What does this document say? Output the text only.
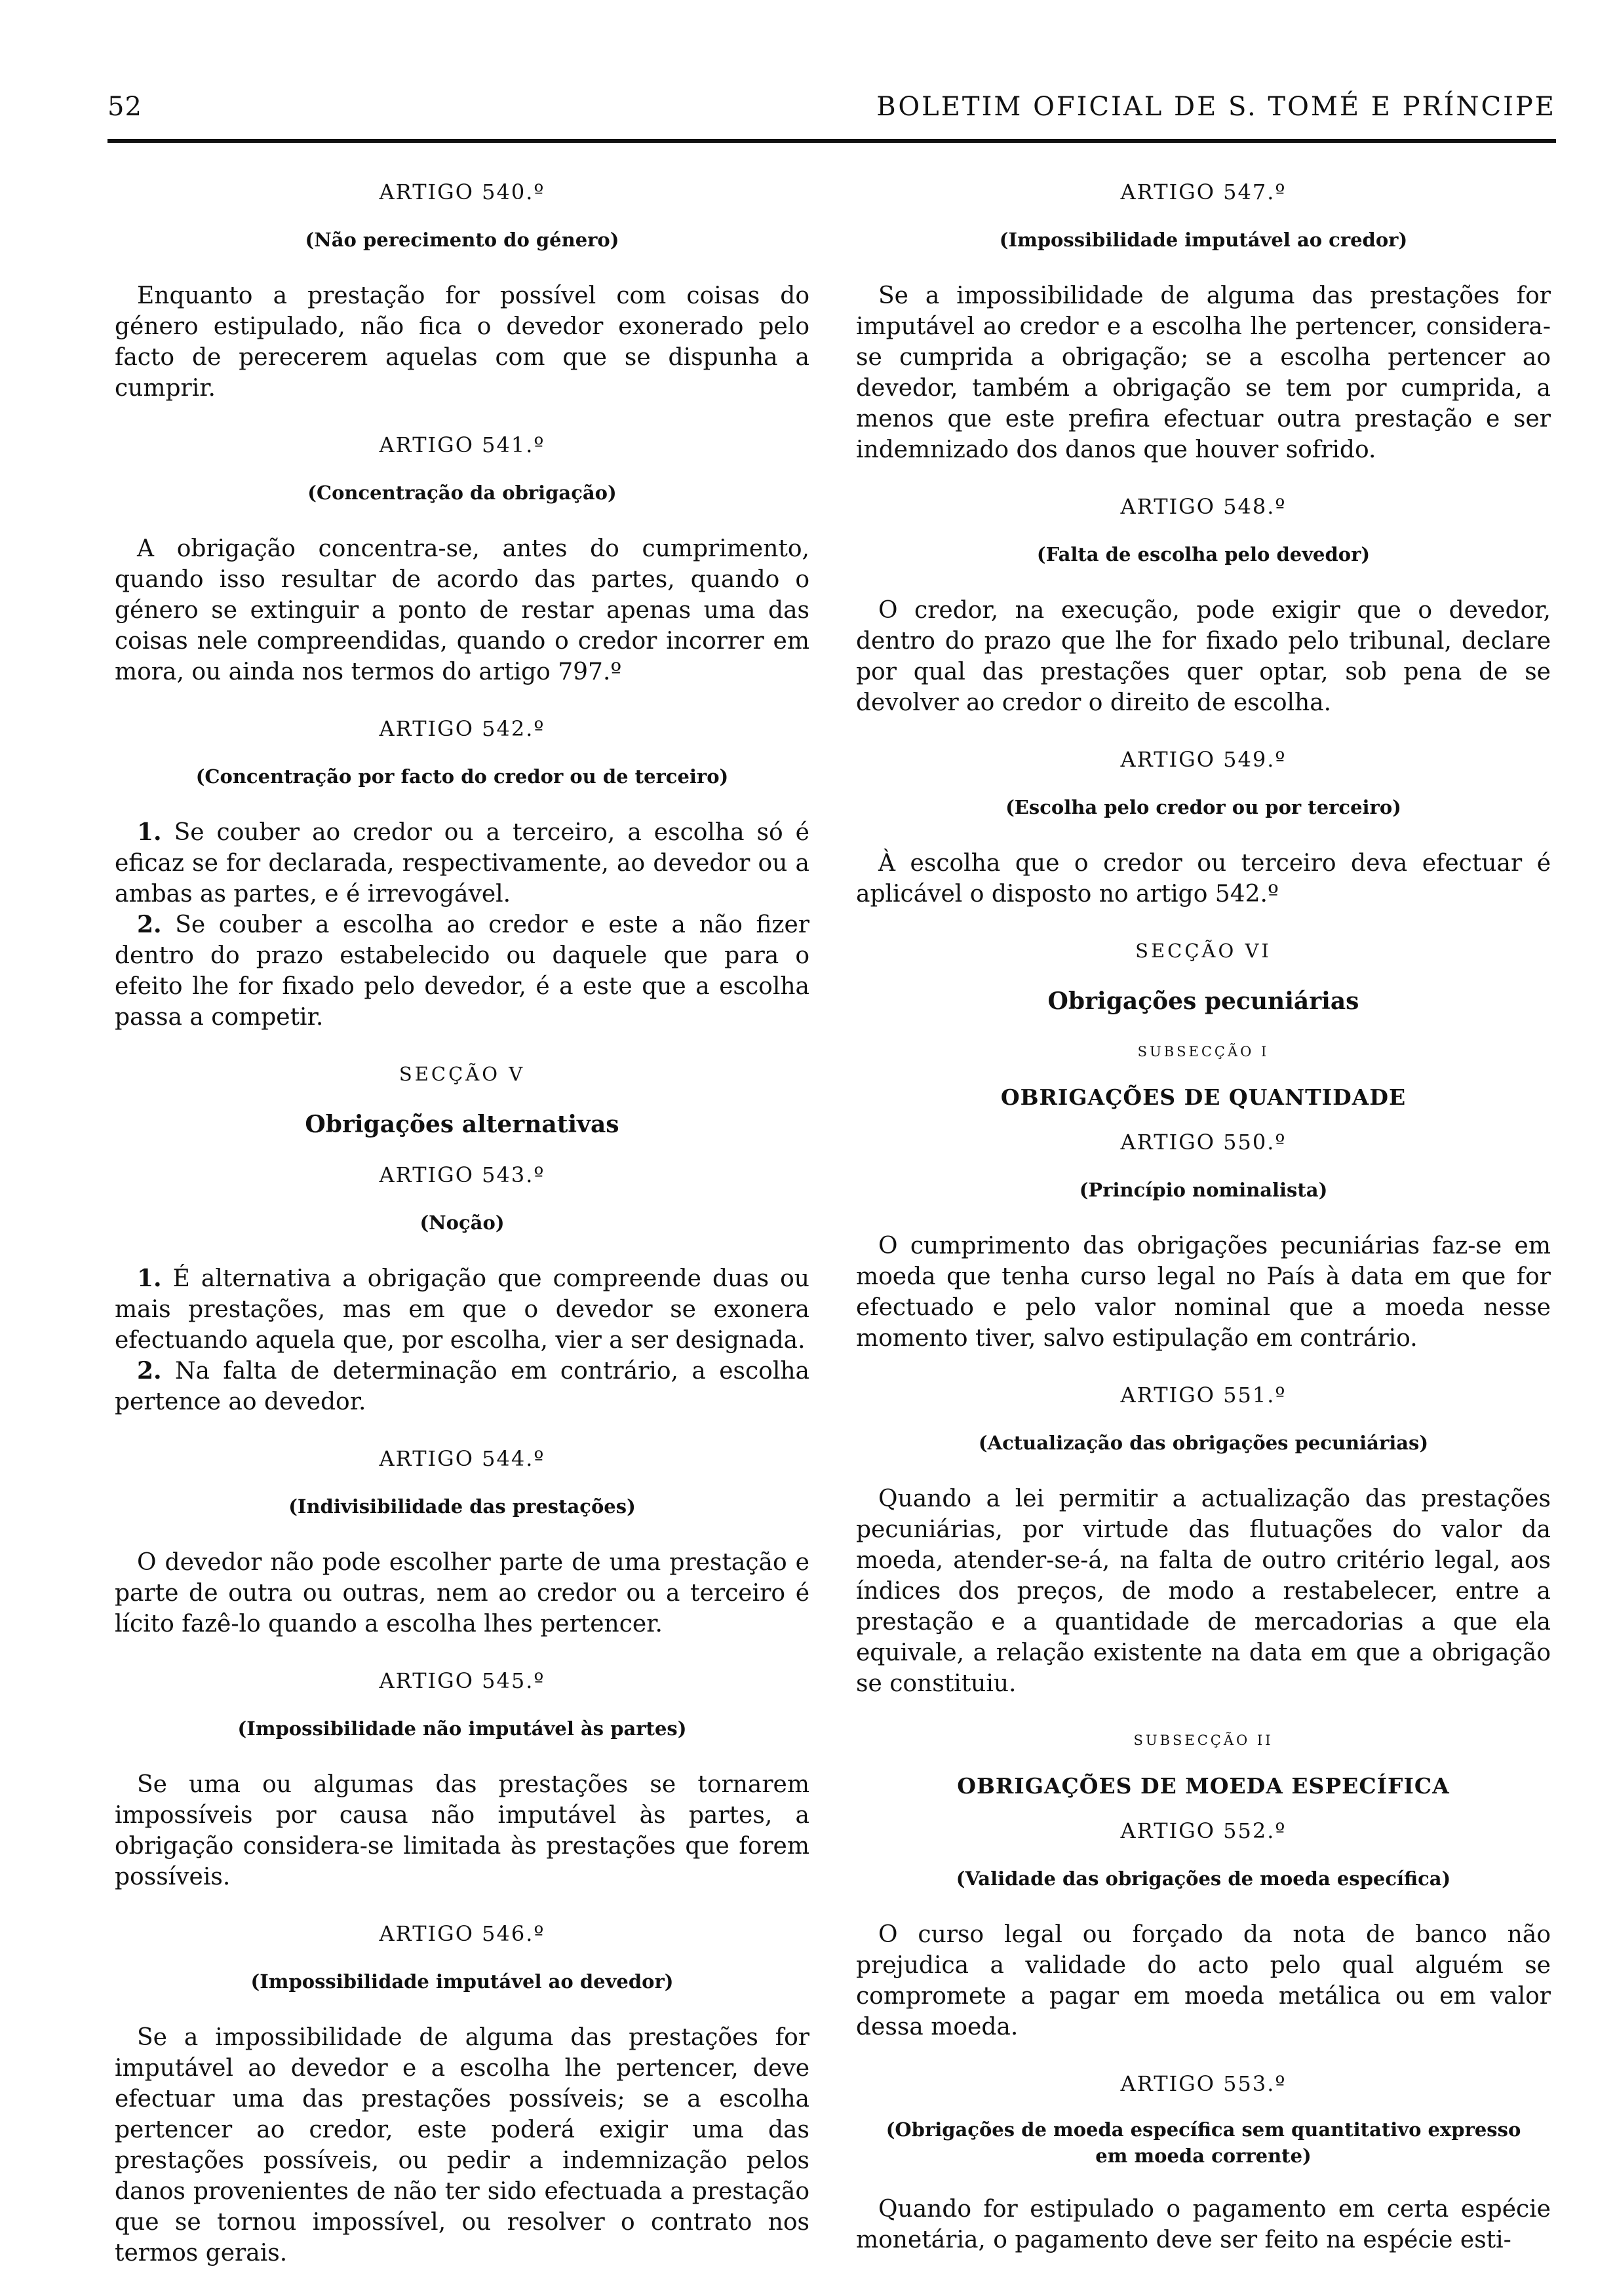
52	BOLETIM OFICIAL DE S. TOMÉ E PRÍNCIPE
ARTIGO 540.º
(Não perecimento do género)

Enquanto a prestação for possível com coisas do género estipulado, não fica o devedor exonerado pelo facto de perecerem aquelas com que se dispunha a cumprir.

ARTIGO 541.º
(Concentração da obrigação)

A obrigação concentra-se, antes do cumprimento, quando isso resultar de acordo das partes, quando o género se extinguir a ponto de restar apenas uma das coisas nele compreendidas, quando o credor incorrer em mora, ou ainda nos termos do artigo 797.º

ARTIGO 542.º
(Concentração por facto do credor ou de terceiro)

1. Se couber ao credor ou a terceiro, a escolha só é eficaz se for declarada, respectivamente, ao devedor ou a ambas as partes, e é irrevogável.

2. Se couber a escolha ao credor e este a não fizer dentro do prazo estabelecido ou daquele que para o efeito lhe for fixado pelo devedor, é a este que a escolha passa a competir.

SECÇÃO V
Obrigações alternativas
ARTIGO 543.º
(Noção)

1. É alternativa a obrigação que compreende duas ou mais prestações, mas em que o devedor se exonera efectuando aquela que, por escolha, vier a ser designada.

2. Na falta de determinação em contrário, a escolha pertence ao devedor.

ARTIGO 544.º
(Indivisibilidade das prestações)

O devedor não pode escolher parte de uma prestação e parte de outra ou outras, nem ao credor ou a terceiro é lícito fazê-lo quando a escolha lhes pertencer.

ARTIGO 545.º
(Impossibilidade não imputável às partes)

Se uma ou algumas das prestações se tornarem impossíveis por causa não imputável às partes, a obrigação considera-se limitada às prestações que forem possíveis.

ARTIGO 546.º
(Impossibilidade imputável ao devedor)

Se a impossibilidade de alguma das prestações for imputável ao devedor e a escolha lhe pertencer, deve efectuar uma das prestações possíveis; se a escolha pertencer ao credor, este poderá exigir uma das prestações possíveis, ou pedir a indemnização pelos danos provenientes de não ter sido efectuada a prestação que se tornou impossível, ou resolver o contrato nos termos gerais.

ARTIGO 547.º
(Impossibilidade imputável ao credor)

Se a impossibilidade de alguma das prestações for imputável ao credor e a escolha lhe pertencer, considera-se cumprida a obrigação; se a escolha pertencer ao devedor, também a obrigação se tem por cumprida, a menos que este prefira efectuar outra prestação e ser indemnizado dos danos que houver sofrido.

ARTIGO 548.º
(Falta de escolha pelo devedor)

O credor, na execução, pode exigir que o devedor, dentro do prazo que lhe for fixado pelo tribunal, declare por qual das prestações quer optar, sob pena de se devolver ao credor o direito de escolha.

ARTIGO 549.º
(Escolha pelo credor ou por terceiro)

À escolha que o credor ou terceiro deva efectuar é aplicável o disposto no artigo 542.º

SECÇÃO VI
Obrigações pecuniárias
SUBSECÇÃO I
OBRIGAÇÕES DE QUANTIDADE
ARTIGO 550.º
(Princípio nominalista)

O cumprimento das obrigações pecuniárias faz-se em moeda que tenha curso legal no País à data em que for efectuado e pelo valor nominal que a moeda nesse momento tiver, salvo estipulação em contrário.

ARTIGO 551.º
(Actualização das obrigações pecuniárias)

Quando a lei permitir a actualização das prestações pecuniárias, por virtude das flutuações do valor da moeda, atender-se-á, na falta de outro critério legal, aos índices dos preços, de modo a restabelecer, entre a prestação e a quantidade de mercadorias a que ela equivale, a relação existente na data em que a obrigação se constituiu.

SUBSECÇÃO II
OBRIGAÇÕES DE MOEDA ESPECÍFICA
ARTIGO 552.º
(Validade das obrigações de moeda específica)

O curso legal ou forçado da nota de banco não prejudica a validade do acto pelo qual alguém se compromete a pagar em moeda metálica ou em valor dessa moeda.

ARTIGO 553.º
(Obrigações de moeda específica sem quantitativo expresso
em moeda corrente)

Quando for estipulado o pagamento em certa espécie monetária, o pagamento deve ser feito na espécie esti-
